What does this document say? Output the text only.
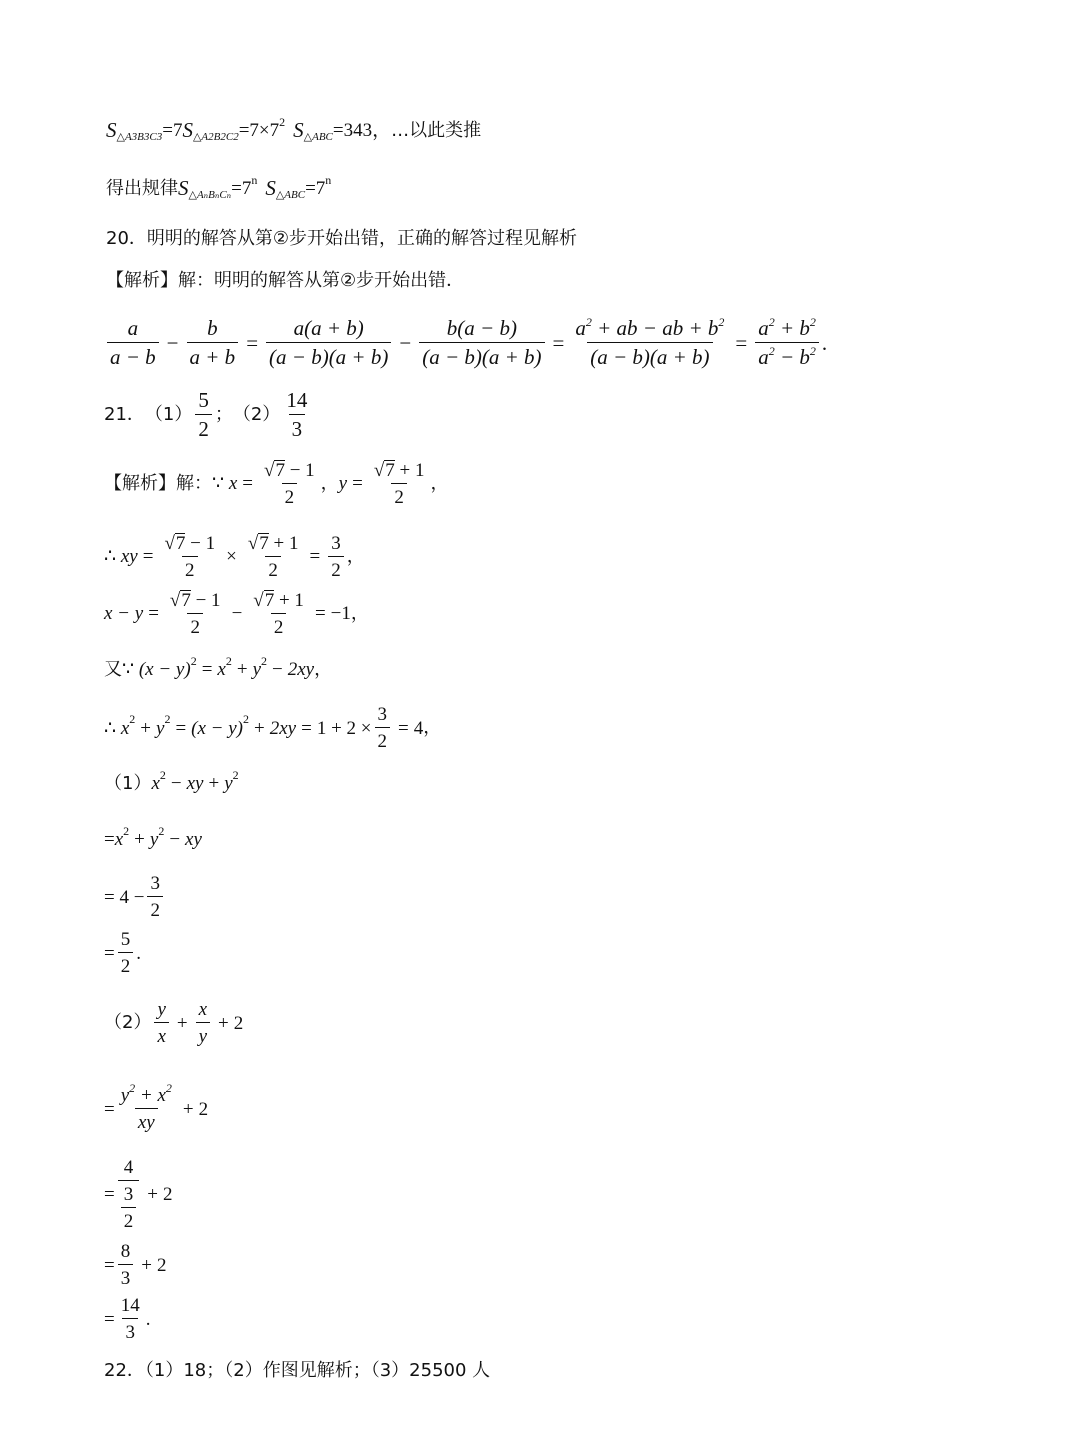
S △A3B3C3 =7 S △A2B2C2 =7×7 2 S △ABC =343， …以此类推
得出规律 S △AₙBₙCₙ =7 n S △ABC =7 n
20．明明的解答从第②步开始出错，正确的解答过程见解析
【解析】解：明明的解答从第②步开始出错．
$\frac{a}{a - b} - \frac{b}{a + b} = \frac{a(a + b)}{(a - b)(a + b)} - \frac{b(a - b)}{(a - b)(a + b)} = \frac{a^2 + ab - ab + b^2}{(a - b)(a + b)} = \frac{a^2 + b^2}{a^2 - b^2}$ .
21． $(1) \frac{5}{2}$ ； $(2) \frac{14}{3}$
【解析】解： ∵
$x = \frac{√7 - 1}{2}$ ， $y = \frac{√7 + 1}{2}$ ，
∴
xy = $\frac{√7 - 1}{2} \times \frac{√7 + 1}{2} = \frac{3}{2}$ ，
$x - y = \frac{√7 - 1}{2} - \frac{√7 + 1}{2} = -1$ ，
又 ∵
(x − y) 2 = x 2 + y 2 − 2xy ，
∴
x 2 + y 2 = (x − y) $2 + 2xy = 1 + 2 \times \frac{3}{2} = 4$ ，
（1） x 2 − xy + y 2
= x 2 + y 2 − xy
= $4 - \frac{3}{2}$
= $\frac{5}{2}$ .
$(2) \frac{y}{x} + \frac{x}{y} + 2$
= $\frac{y^2 + x^2}{xy} + 2$
= $\frac{4}{\frac{3}{2}} + 2$
= $\frac{8}{3} + 2$
= $\frac{14}{3}$ .
22．（1）18；（2）作图见解析；（3）25500 人
